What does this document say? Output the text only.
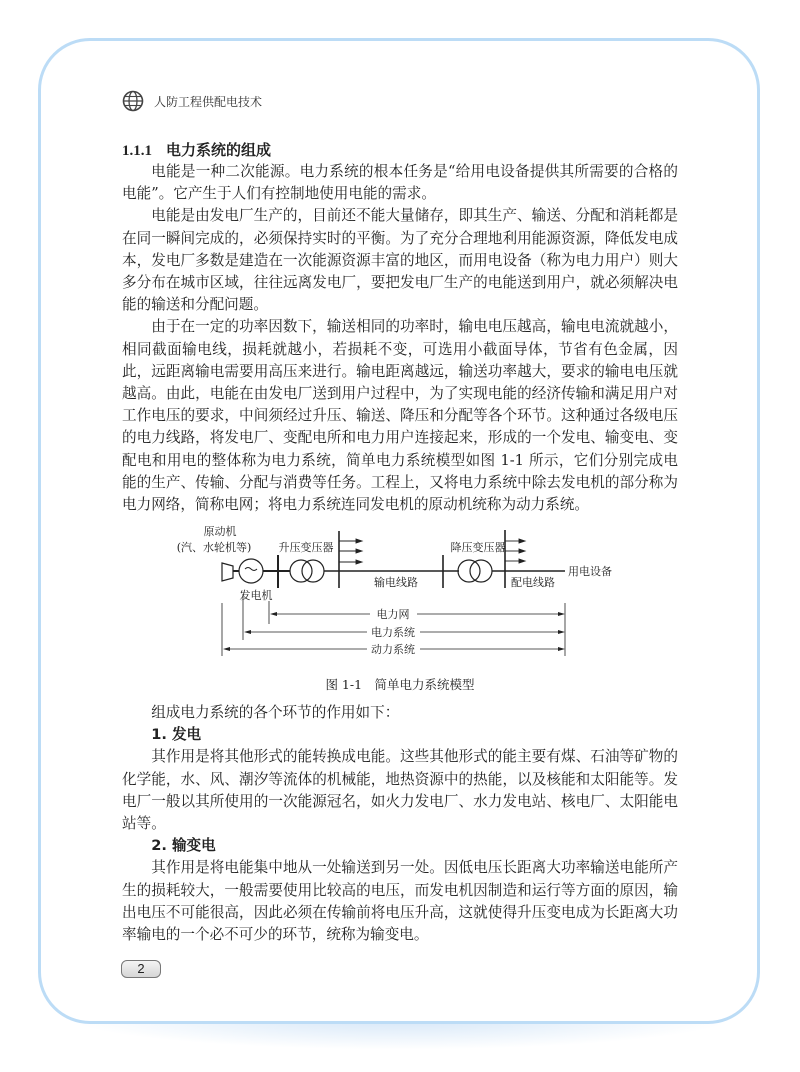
人防工程供配电技术
1.1.1 电力系统的组成

电能是一种二次能源。电力系统的根本任务是“给用电设备提供其所需要的合格的电能”。它产生于人们有控制地使用电能的需求。

电能是由发电厂生产的，目前还不能大量储存，即其生产、输送、分配和消耗都是在同一瞬间完成的，必须保持实时的平衡。为了充分合理地利用能源资源，降低发电成本，发电厂多数是建造在一次能源资源丰富的地区，而用电设备（称为电力用户）则大多分布在城市区域，往往远离发电厂，要把发电厂生产的电能送到用户，就必须解决电能的输送和分配问题。

由于在一定的功率因数下，输送相同的功率时，输电电压越高，输电电流就越小，相同截面输电线，损耗就越小，若损耗不变，可选用小截面导体，节省有色金属，因此，远距离输电需要用高压来进行。输电距离越远，输送功率越大，要求的输电电压就越高。由此，电能在由发电厂送到用户过程中，为了实现电能的经济传输和满足用户对工作电压的要求，中间须经过升压、输送、降压和分配等各个环节。这种通过各级电压的电力线路，将发电厂、变配电所和电力用户连接起来，形成的一个发电、输变电、变配电和用电的整体称为电力系统，简单电力系统模型如图 1-1 所示，它们分别完成电能的生产、传输、分配与消费等任务。工程上，又将电力系统中除去发电机的部分称为电力网络，简称电网；将电力系统连同发电机的原动机统称为动力系统。

原动机
(汽、水轮机等)
发电机
升压变压器	降压变压器
输电线路	配电线路
用电设备
电力网
电力系统
动力系统
图 1-1　简单电力系统模型

组成电力系统的各个环节的作用如下：

1. 发电

其作用是将其他形式的能转换成电能。这些其他形式的能主要有煤、石油等矿物的化学能，水、风、潮汐等流体的机械能，地热资源中的热能，以及核能和太阳能等。发电厂一般以其所使用的一次能源冠名，如火力发电厂、水力发电站、核电厂、太阳能电站等。

2. 输变电

其作用是将电能集中地从一处输送到另一处。因低电压长距离大功率输送电能所产生的损耗较大，一般需要使用比较高的电压，而发电机因制造和运行等方面的原因，输出电压不可能很高，因此必须在传输前将电压升高，这就使得升压变电成为长距离大功率输电的一个必不可少的环节，统称为输变电。

2
